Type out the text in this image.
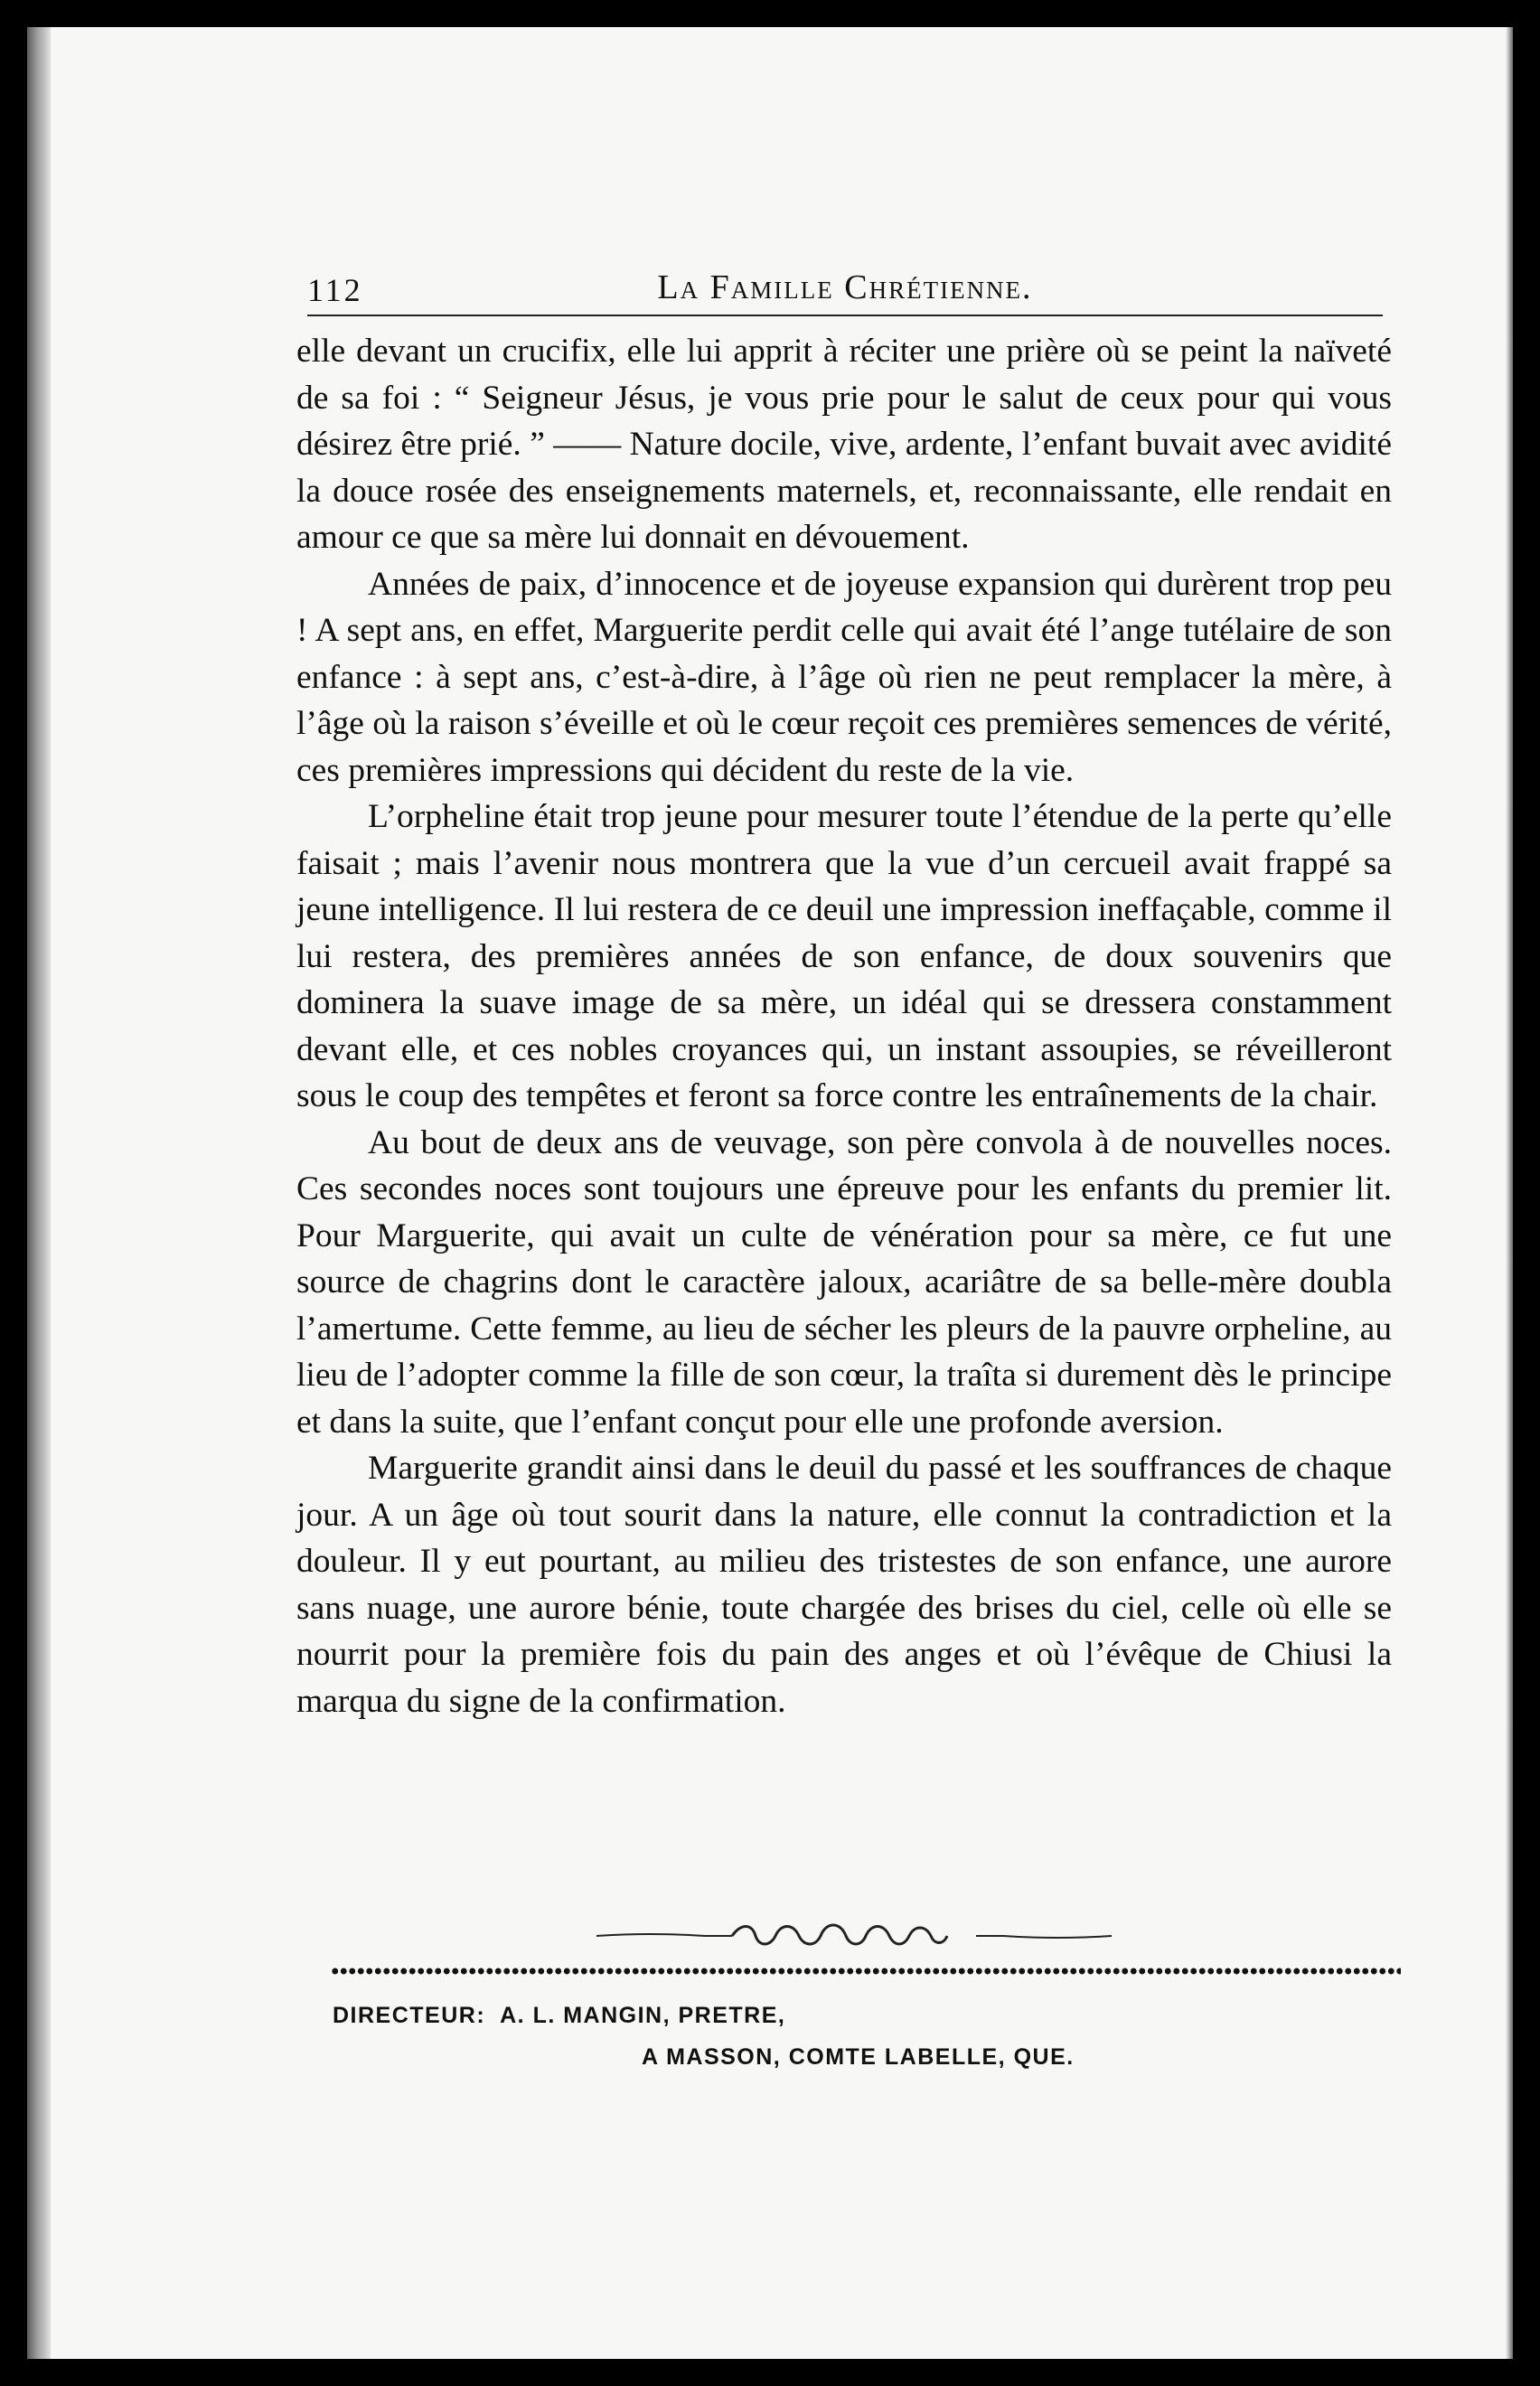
112	La Famille Chrétienne.

elle devant un crucifix, elle lui apprit à réciter une prière où se peint la naïveté de sa foi : “ Seigneur Jésus, je vous prie pour le salut de ceux pour qui vous désirez être prié. ” —— Nature docile, vive, ardente, l’enfant buvait avec avidité la douce rosée des enseignements maternels, et, reconnaissante, elle rendait en amour ce que sa mère lui donnait en dévouement.

Années de paix, d’innocence et de joyeuse expansion qui durèrent trop peu ! A sept ans, en effet, Marguerite perdit celle qui avait été l’ange tutélaire de son enfance : à sept ans, c’est-à-dire, à l’âge où rien ne peut remplacer la mère, à l’âge où la raison s’éveille et où le cœur reçoit ces premières semences de vérité, ces premières impressions qui décident du reste de la vie.

L’orpheline était trop jeune pour mesurer toute l’étendue de la perte qu’elle faisait ; mais l’avenir nous montrera que la vue d’un cercueil avait frappé sa jeune intelligence. Il lui restera de ce deuil une impression ineffaçable, comme il lui restera, des premières années de son enfance, de doux souvenirs que dominera la suave image de sa mère, un idéal qui se dressera constamment devant elle, et ces nobles croyances qui, un instant assoupies, se réveilleront sous le coup des tempêtes et feront sa force contre les entraînements de la chair.

Au bout de deux ans de veuvage, son père convola à de nouvelles noces. Ces secondes noces sont toujours une épreuve pour les enfants du premier lit. Pour Marguerite, qui avait un culte de vénération pour sa mère, ce fut une source de chagrins dont le caractère jaloux, acariâtre de sa belle-mère doubla l’amertume. Cette femme, au lieu de sécher les pleurs de la pauvre orpheline, au lieu de l’adopter comme la fille de son cœur, la traîta si durement dès le principe et dans la suite, que l’enfant conçut pour elle une profonde aversion.

Marguerite grandit ainsi dans le deuil du passé et les souffrances de chaque jour. A un âge où tout sourit dans la nature, elle connut la contradiction et la douleur. Il y eut pourtant, au milieu des tristestes de son enfance, une aurore sans nuage, une aurore bénie, toute chargée des brises du ciel, celle où elle se nourrit pour la première fois du pain des anges et où l’évêque de Chiusi la marqua du signe de la confirmation.

DIRECTEUR:  A. L. MANGIN, PRETRE,
A MASSON, COMTE LABELLE, QUE.
